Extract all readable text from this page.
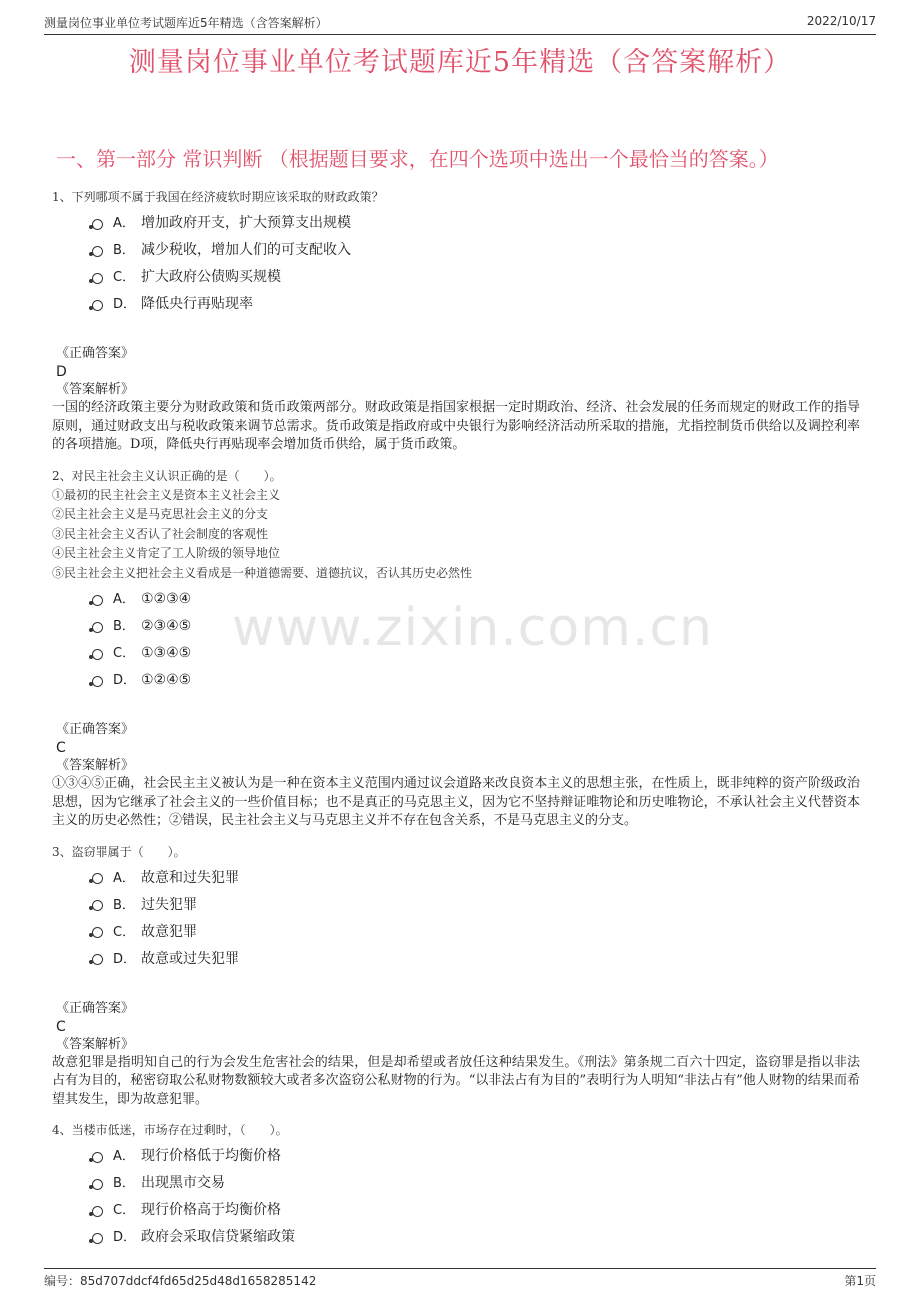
测量岗位事业单位考试题库近5年精选（含答案解析）	2022/10/17
测量岗位事业单位考试题库近5年精选（含答案解析）
一、第一部分 常识判断 （根据题目要求，在四个选项中选出一个最恰当的答案。）
www.zixin.com.cn

1、下列哪项不属于我国在经济疲软时期应该采取的财政政策？

A． 增加政府开支，扩大预算支出规模
B． 减少税收，增加人们的可支配收入
C． 扩大政府公债购买规模
D． 降低央行再贴现率
《正确答案》
D
《答案解析》

一国的经济政策主要分为财政政策和货币政策两部分。财政政策是指国家根据一定时期政治、经济、社会发展的任务而规定的财政工作的指导原则，通过财政支出与税收政策来调节总需求。货币政策是指政府或中央银行为影响经济活动所采取的措施，尤指控制货币供给以及调控利率的各项措施。D项，降低央行再贴现率会增加货币供给，属于货币政策。

2、对民主社会主义认识正确的是（　　）。

①最初的民主社会主义是资本主义社会主义
②民主社会主义是马克思社会主义的分支
③民主社会主义否认了社会制度的客观性
④民主社会主义肯定了工人阶级的领导地位
⑤民主社会主义把社会主义看成是一种道德需要、道德抗议，否认其历史必然性
A． ①②③④
B． ②③④⑤
C． ①③④⑤
D． ①②④⑤
《正确答案》
C
《答案解析》

①③④⑤正确，社会民主主义被认为是一种在资本主义范围内通过议会道路来改良资本主义的思想主张，在性质上，既非纯粹的资产阶级政治思想，因为它继承了社会主义的一些价值目标；也不是真正的马克思主义，因为它不坚持辩证唯物论和历史唯物论，不承认社会主义代替资本主义的历史必然性；②错误，民主社会主义与马克思主义并不存在包含关系，不是马克思主义的分支。

3、盗窃罪属于（　　）。

A． 故意和过失犯罪
B． 过失犯罪
C． 故意犯罪
D． 故意或过失犯罪
《正确答案》
C
《答案解析》

故意犯罪是指明知自己的行为会发生危害社会的结果，但是却希望或者放任这种结果发生。《刑法》第条规二百六十四定，盗窃罪是指以非法占有为目的，秘密窃取公私财物数额较大或者多次盗窃公私财物的行为。“以非法占有为目的”表明行为人明知“非法占有”他人财物的结果而希望其发生，即为故意犯罪。

4、当楼市低迷，市场存在过剩时，（　　）。

A． 现行价格低于均衡价格
B． 出现黑市交易
C． 现行价格高于均衡价格
D． 政府会采取信贷紧缩政策
编号：85d707ddcf4fd65d25d48d1658285142	第1页
